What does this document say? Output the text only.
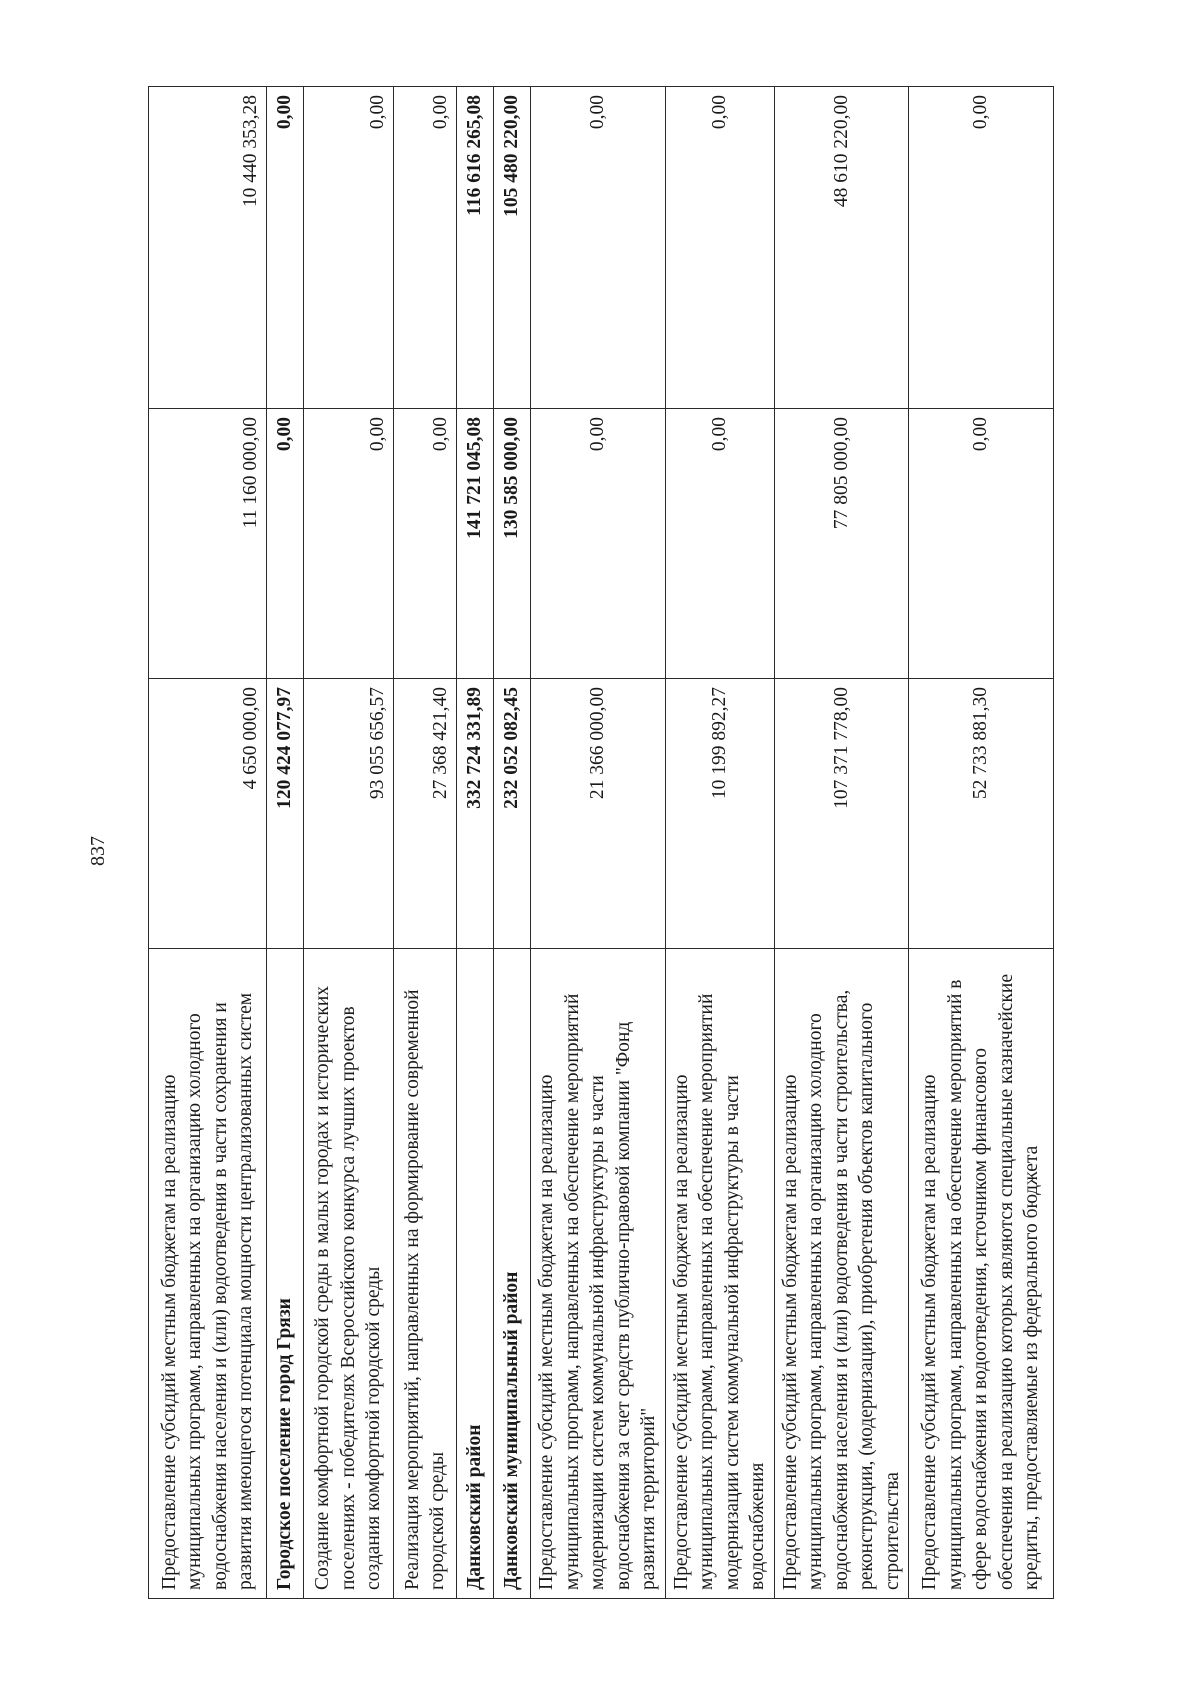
837
Предоставление субсидий местным бюджетам на реализацию муниципальных программ, направленных на организацию холодного водоснабжения населения и (или) водоотведения в части сохранения и развития имеющегося потенциала мощности централизованных систем	4 650 000,00	11 160 000,00	10 440 353,28
Городское поселение город Грязи	120 424 077,97	0,00	0,00
Создание комфортной городской среды в малых городах и исторических поселениях - победителях Всероссийского конкурса лучших проектов создания комфортной городской среды	93 055 656,57	0,00	0,00
Реализация мероприятий, направленных на формирование современной городской среды	27 368 421,40	0,00	0,00
Данковский район	332 724 331,89	141 721 045,08	116 616 265,08
Данковский муниципальный район	232 052 082,45	130 585 000,00	105 480 220,00
Предоставление субсидий местным бюджетам на реализацию муниципальных программ, направленных на обеспечение мероприятий модернизации систем коммунальной инфраструктуры в части водоснабжения за счет средств публично-правовой компании "Фонд развития территорий"	21 366 000,00	0,00	0,00
Предоставление субсидий местным бюджетам на реализацию муниципальных программ, направленных на обеспечение мероприятий модернизации систем коммунальной инфраструктуры в части водоснабжения	10 199 892,27	0,00	0,00
Предоставление субсидий местным бюджетам на реализацию муниципальных программ, направленных на организацию холодного водоснабжения населения и (или) водоотведения в части строительства, реконструкции, (модернизации), приобретения объектов капитального строительства	107 371 778,00	77 805 000,00	48 610 220,00
Предоставление субсидий местным бюджетам на реализацию муниципальных программ, направленных на обеспечение мероприятий в сфере водоснабжения и водоотведения, источником финансового обеспечения на реализацию которых являются специальные казначейские кредиты, предоставляемые из федерального бюджета	52 733 881,30	0,00	0,00
